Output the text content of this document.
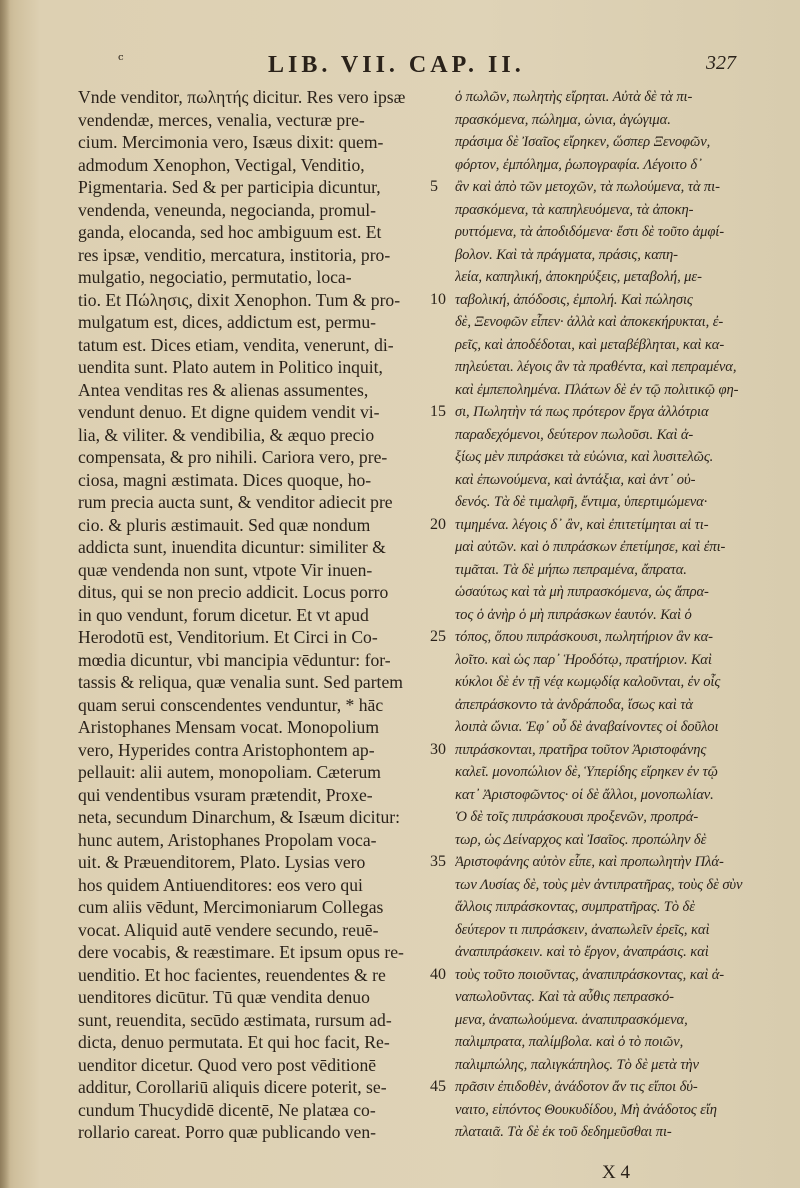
ᶜ	LIB. VII. CAP. II.	327
Vnde venditor, πωλητής dicitur. Res vero ipsæ
vendendæ, merces, venalia, vecturæ pre-
cium. Mercimonia vero, Isæus dixit: quem-
admodum Xenophon, Vectigal, Venditio,
Pigmentaria. Sed & per participia dicuntur,
vendenda, veneunda, negocianda, promul-
ganda, elocanda, sed hoc ambiguum est. Et
res ipsæ, venditio, mercatura, institoria, pro-
mulgatio, negociatio, permutatio, loca-
tio. Et Πώλησις, dixit Xenophon. Tum & pro-
mulgatum est, dices, addictum est, permu-
tatum est. Dices etiam, vendita, venerunt, di-
uendita sunt. Plato autem in Politico inquit,
Antea venditas res & alienas assumentes,
vendunt denuo. Et digne quidem vendit vi-
lia, & viliter. & vendibilia, & æquo precio
compensata, & pro nihili. Cariora vero, pre-
ciosa, magni æstimata. Dices quoque, ho-
rum precia aucta sunt, & venditor adiecit pre
cio. & pluris æstimauit. Sed quæ nondum
addicta sunt, inuendita dicuntur: similiter &
quæ vendenda non sunt, vtpote Vir inuen-
ditus, qui se non precio addicit. Locus porro
in quo vendunt, forum dicetur. Et vt apud
Herodotū est, Venditorium. Et Circi in Co-
mœdia dicuntur, vbi mancipia vēduntur: for-
tassis & reliqua, quæ venalia sunt. Sed partem
quam serui conscendentes venduntur, * hāc
Aristophanes Mensam vocat. Monopolium
vero, Hyperides contra Aristophontem ap-
pellauit: alii autem, monopoliam. Cæterum
qui vendentibus vsuram prætendit, Proxe-
neta, secundum Dinarchum, & Isæum dicitur:
hunc autem, Aristophanes Propolam voca-
uit. & Præuenditorem, Plato. Lysias vero
hos quidem Antiuenditores: eos vero qui
cum aliis vēdunt, Mercimoniarum Collegas
vocat. Aliquid autē vendere secundo, reuē-
dere vocabis, & reæstimare. Et ipsum opus re-
uenditio. Et hoc facientes, reuendentes & re
uenditores dicūtur. Tū quæ vendita denuo
sunt, reuendita, secūdo æstimata, rursum ad-
dicta, denuo permutata. Et qui hoc facit, Re-
uenditor dicetur. Quod vero post vēditionē
additur, Corollariū aliquis dicere poterit, se-
cundum Thucydidē dicentē, Ne platæa co-
rollario careat. Porro quæ publicando ven-
5
10
15
20
25
30
35
40
45
ὁ πωλῶν, πωλητὴς εἴρηται. Αὐτὰ δὲ τὰ πι-
πρασκόμενα, πώλημα, ὠνια, ἀγώγιμα.
πράσιμα δὲ Ἰσαῖος εἴρηκεν, ὥσπερ Ξενοφῶν,
φόρτον, ἐμπόλημα, ῥωπογραφία. Λέγοιτο δ᾽
ἂν καὶ ἀπὸ τῶν μετοχῶν, τὰ πωλούμενα, τὰ πι-
πρασκόμενα, τὰ καπηλευόμενα, τὰ ἀποκη-
ρυττόμενα, τὰ ἀποδιδόμενα· ἔστι δὲ τοῦτο ἀμφί-
βολον. Καὶ τὰ πράγματα, πράσις, καπη-
λεία, καπηλική, ἀποκηρύξεις, μεταβολή, με-
ταβολική, ἀπόδοσις, ἐμπολή. Καὶ πώλησις
δὲ, Ξενοφῶν εἶπεν· ἀλλὰ καὶ ἀποκεκήρυκται, ἐ-
ρεῖς, καὶ ἀποδέδοται, καὶ μεταβέβληται, καὶ κα-
πηλεύεται. λέγοις ἂν τὰ πραθέντα, καὶ πεπραμένα,
καὶ ἐμπεπολημένα. Πλάτων δὲ ἐν τῷ πολιτικῷ φη-
σι, Πωλητὴν τά πως πρότερον ἔργα ἀλλότρια
παραδεχόμενοι, δεύτερον πωλοῦσι. Καὶ ἀ-
ξίως μὲν πιπράσκει τὰ εὐώνια, καὶ λυσιτελῶς.
καὶ ἐπωνούμενα, καὶ ἀντάξια, καὶ ἀντ᾽ οὐ-
δενός. Τὰ δὲ τιμαλφῆ, ἔντιμα, ὑπερτιμώμενα·
τιμημένα. λέγοις δ᾽ ἂν, καὶ ἐπιτετίμηται αἱ τι-
μαὶ αὐτῶν. καὶ ὁ πιπράσκων ἐπετίμησε, καὶ ἐπι-
τιμᾶται. Τὰ δὲ μήπω πεπραμένα, ἄπρατα.
ὡσαύτως καὶ τὰ μὴ πιπρασκόμενα, ὡς ἄπρα-
τος ὁ ἀνὴρ ὁ μὴ πιπράσκων ἑαυτόν. Καὶ ὁ
τόπος, ὅπου πιπράσκουσι, πωλητήριον ἂν κα-
λοῖτο. καὶ ὡς παρ᾽ Ἡροδότῳ, πρατήριον. Καὶ
κύκλοι δὲ ἐν τῇ νέᾳ κωμῳδίᾳ καλοῦνται, ἐν οἷς
ἀπεπράσκοντο τὰ ἀνδράποδα, ἴσως καὶ τὰ
λοιπὰ ὤνια. Ἐφ᾽ οὗ δὲ ἀναβαίνοντες οἱ δοῦλοι
πιπράσκονται, πρατῆρα τοῦτον Ἀριστοφάνης
καλεῖ. μονοπώλιον δὲ, Ὑπερίδης εἴρηκεν ἐν τῷ
κατ᾽ Ἀριστοφῶντος· οἱ δὲ ἄλλοι, μονοπωλίαν.
Ὁ δὲ τοῖς πιπράσκουσι προξενῶν, προπρά-
τωρ, ὡς Δείναρχος καὶ Ἰσαῖος. προπώλην δὲ
Ἀριστοφάνης αὐτὸν εἶπε, καὶ προπωλητὴν Πλά-
των Λυσίας δὲ, τοὺς μὲν ἀντιπρατῆρας, τοὺς δὲ σὺν
ἄλλοις πιπράσκοντας, συμπρατῆρας. Τὸ δὲ
δεύτερον τι πιπράσκειν, ἀναπωλεῖν ἐρεῖς, καὶ
ἀναπιπράσκειν. καὶ τὸ ἔργον, ἀναπράσις. καὶ
τοὺς τοῦτο ποιοῦντας, ἀναπιπράσκοντας, καὶ ἀ-
ναπωλοῦντας. Καὶ τὰ αὖθις πεπρασκό-
μενα, ἀναπωλούμενα. ἀναπιπρασκόμενα,
παλιμπρατα, παλίμβολα. καὶ ὁ τὸ ποιῶν,
παλιμπώλης, παλιγκάπηλος. Τὸ δὲ μετὰ τὴν
πρᾶσιν ἐπιδοθὲν, ἀνάδοτον ἄν τις εἴποι δύ-
ναιτο, εἰπόντος Θουκυδίδου, Μὴ ἀνάδοτος εἴη
πλαταιᾶ. Τὰ δὲ ἐκ τοῦ δεδημεῦσθαι πι-
X 4
